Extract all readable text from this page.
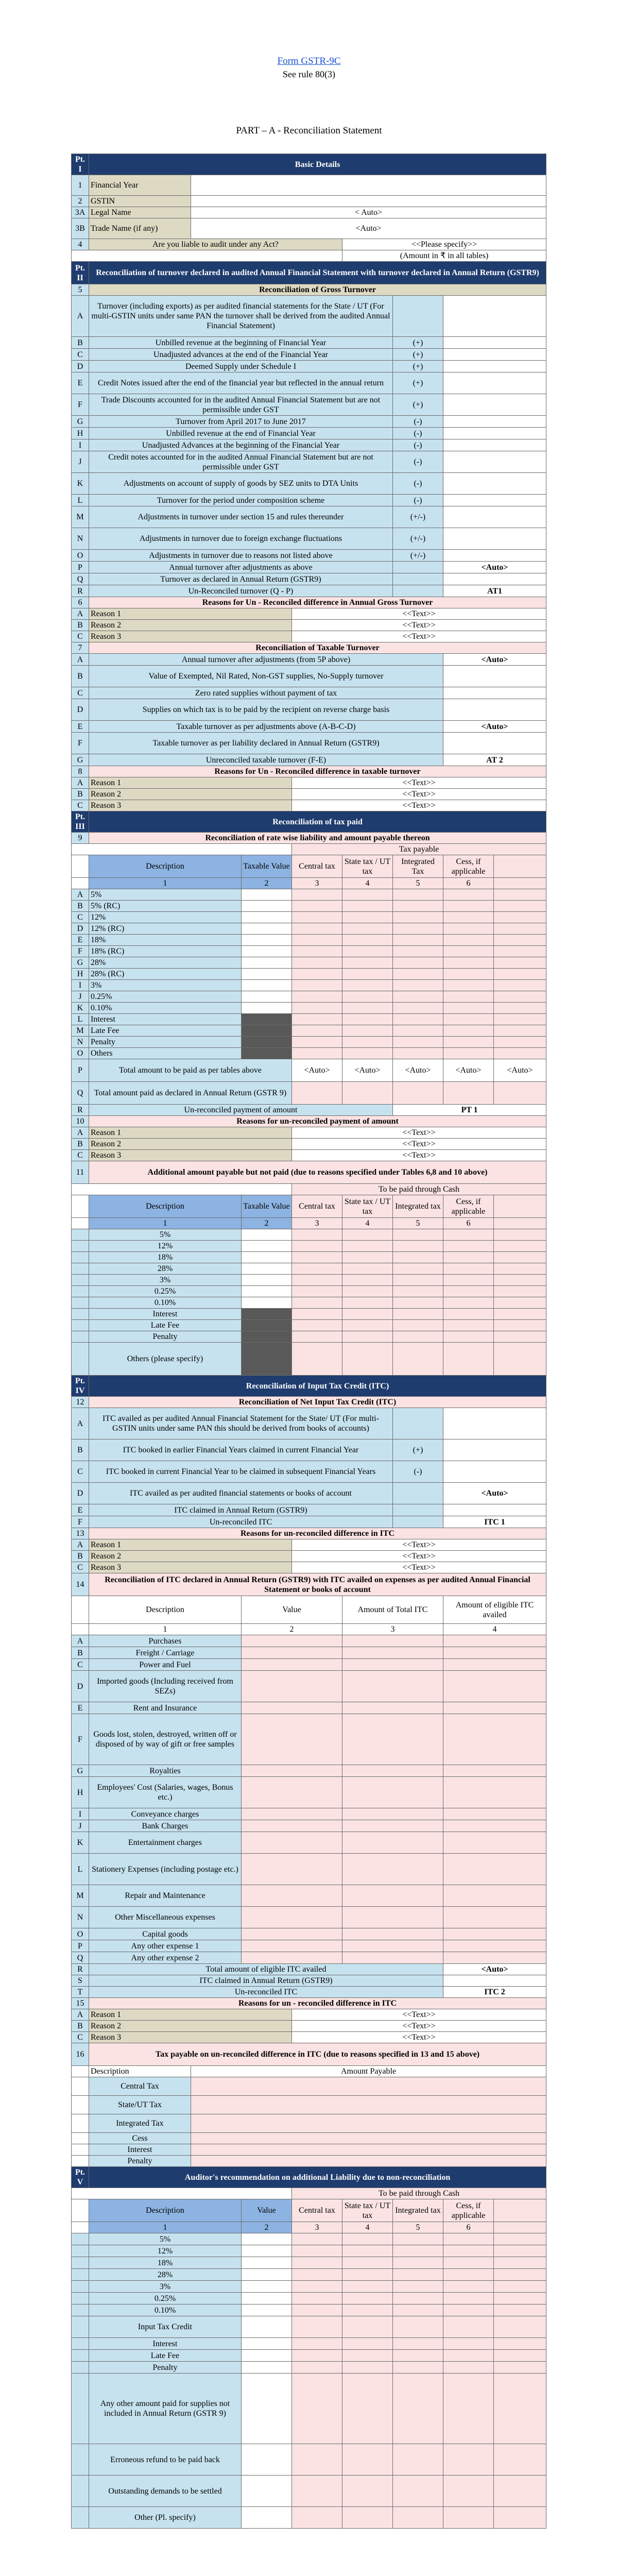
Form GSTR-9C
See rule 80(3)
PART – A - Reconciliation Statement
Pt. I	Basic Details							
1	Financial Year							
2	GSTIN							
3A	Legal Name	< Auto>						
3B	Trade Name (if any)	<Auto>						
4	Are you liable to audit under any Act?				<<Please specify>>			
					(Amount in ₹ in all tables)			
Pt. II	Reconciliation of turnover declared in audited Annual Financial Statement with turnover declared in Annual Return (GSTR9)							
5	Reconciliation of Gross Turnover							
A	Turnover (including exports) as per audited financial statements for the State / UT (For multi-GSTIN units under same PAN the turnover shall be derived from the audited Annual Financial Statement)							
B	Unbilled revenue at the beginning of Financial Year					(+)		
C	Unadjusted advances at the end of the Financial Year					(+)		
D	Deemed Supply under Schedule I					(+)		
E	Credit Notes issued after the end of the financial year but reflected in the annual return					(+)		
F	Trade Discounts accounted for in the audited Annual Financial Statement but are not permissible under GST					(+)		
G	Turnover from April 2017 to June 2017					(-)		
H	Unbilled revenue at the end of Financial Year					(-)		
I	Unadjusted Advances at the beginning of the Financial Year					(-)		
J	Credit notes accounted for in the audited Annual Financial Statement but are not permissible under GST					(-)		
K	Adjustments on account of supply of goods by SEZ units to DTA Units					(-)		
L	Turnover for the period under composition scheme					(-)		
M	Adjustments in turnover under section 15 and rules thereunder					(+/-)		
N	Adjustments in turnover due to foreign exchange fluctuations					(+/-)		
O	Adjustments in turnover due to reasons not listed above					(+/-)		
P	Annual turnover after adjustments as above						<Auto>	
Q	Turnover as declared in Annual Return (GSTR9)							
R	Un-Reconciled turnover (Q - P)						AT1	
6	Reasons for Un - Reconciled difference in Annual Gross Turnover							
A	Reason 1			<<Text>>				
B	Reason 2			<<Text>>				
C	Reason 3			<<Text>>				
7	Reconciliation of Taxable Turnover							
A	Annual turnover after adjustments (from 5P above)						<Auto>	
B	Value of Exempted, Nil Rated, Non-GST supplies, No-Supply turnover							
C	Zero rated supplies without payment of tax							
D	Supplies on which tax is to be paid by the recipient on reverse charge basis							
E	Taxable turnover as per adjustments above (A-B-C-D)						<Auto>	
F	Taxable turnover as per liability declared in Annual Return (GSTR9)							
G	Unreconciled taxable turnover (F-E)						AT 2	
8	Reasons for Un - Reconciled difference in taxable turnover							
A	Reason 1			<<Text>>				
B	Reason 2			<<Text>>				
C	Reason 3			<<Text>>				
Pt. III	Reconciliation of tax paid							
9	Reconciliation of rate wise liability and amount payable thereon							
				Tax payable				
	Description		Taxable Value	Central tax	State tax / UT tax	Integrated Tax	Cess, if applicable	
	1		2	3	4	5	6	
A	5%							
B	5% (RC)							
C	12%							
D	12% (RC)							
E	18%							
F	18% (RC)							
G	28%							
H	28% (RC)							
I	3%							
J	0.25%							
K	0.10%							
L	Interest							
M	Late Fee							
N	Penalty							
O	Others							
P	Total amount to be paid as per tables above			<Auto>	<Auto>	<Auto>	<Auto>	<Auto>
Q	Total amount paid as declared in Annual Return (GSTR 9)							
R	Un-reconciled payment of amount					PT 1		
10	Reasons for un-reconciled payment of amount							
A	Reason 1			<<Text>>				
B	Reason 2			<<Text>>				
C	Reason 3			<<Text>>				
11	Additional amount payable but not paid (due to reasons specified under Tables 6,8 and 10 above)							
				To be paid through Cash				
	Description		Taxable Value	Central tax	State tax / UT tax	Integrated tax	Cess, if applicable	
	1		2	3	4	5	6	
	5%							
	12%							
	18%							
	28%							
	3%							
	0.25%							
	0.10%							
	Interest							
	Late Fee							
	Penalty							
	Others (please specify)							
Pt. IV	Reconciliation of Input Tax Credit (ITC)							
12	Reconciliation of Net Input Tax Credit (ITC)							
A	ITC availed as per audited Annual Financial Statement for the State/ UT (For multi-GSTIN units under same PAN this should be derived from books of accounts)							
B	ITC booked in earlier Financial Years claimed in current Financial Year					(+)		
C	ITC booked in current Financial Year to be claimed in subsequent Financial Years					(-)		
D	ITC availed as per audited financial statements or books of account						<Auto>	
E	ITC claimed in Annual Return (GSTR9)							
F	Un-reconciled ITC						ITC 1	
13	Reasons for un-reconciled difference in ITC							
A	Reason 1			<<Text>>				
B	Reason 2			<<Text>>				
C	Reason 3			<<Text>>				
14	Reconciliation of ITC declared in Annual Return (GSTR9) with ITC availed on expenses as per audited Annual Financial Statement or books of account							
	Description		Value		Amount of Total ITC		Amount of eligible ITC availed	
	1		2		3		4	
A	Purchases							
B	Freight / Carriage							
C	Power and Fuel							
D	Imported goods (Including received from SEZs)							
E	Rent and Insurance							
F	Goods lost, stolen, destroyed, written off or disposed of by way of gift or free samples							
G	Royalties							
H	Employees' Cost (Salaries, wages, Bonus etc.)							
I	Conveyance charges							
J	Bank Charges							
K	Entertainment charges							
L	Stationery Expenses (including postage etc.)							
M	Repair and Maintenance							
N	Other Miscellaneous expenses							
O	Capital goods							
P	Any other expense 1							
Q	Any other expense 2							
R	Total amount of eligible ITC availed						<Auto>	
S	ITC claimed in Annual Return (GSTR9)							
T	Un-reconciled ITC						ITC 2	
15	Reasons for un - reconciled difference in ITC							
A	Reason 1			<<Text>>				
B	Reason 2			<<Text>>				
C	Reason 3			<<Text>>				
16	Tax payable on un-reconciled difference in ITC (due to reasons specified in 13 and 15 above)							
	Description	Amount Payable						
	Central Tax							
	State/UT Tax							
	Integrated Tax							
	Cess							
	Interest							
	Penalty							
Pt. V	Auditor's recommendation on additional Liability due to non-reconciliation							
				To be paid through Cash				
	Description		Value	Central tax	State tax / UT tax	Integrated tax	Cess, if applicable	
	1		2	3	4	5	6	
	5%							
	12%							
	18%							
	28%							
	3%							
	0.25%							
	0.10%							
	Input Tax Credit							
	Interest							
	Late Fee							
	Penalty							
	Any other amount paid for supplies not included in Annual Return (GSTR 9)							
	Erroneous refund to be paid back							
	Outstanding demands to be settled							
	Other (Pl. specify)							
